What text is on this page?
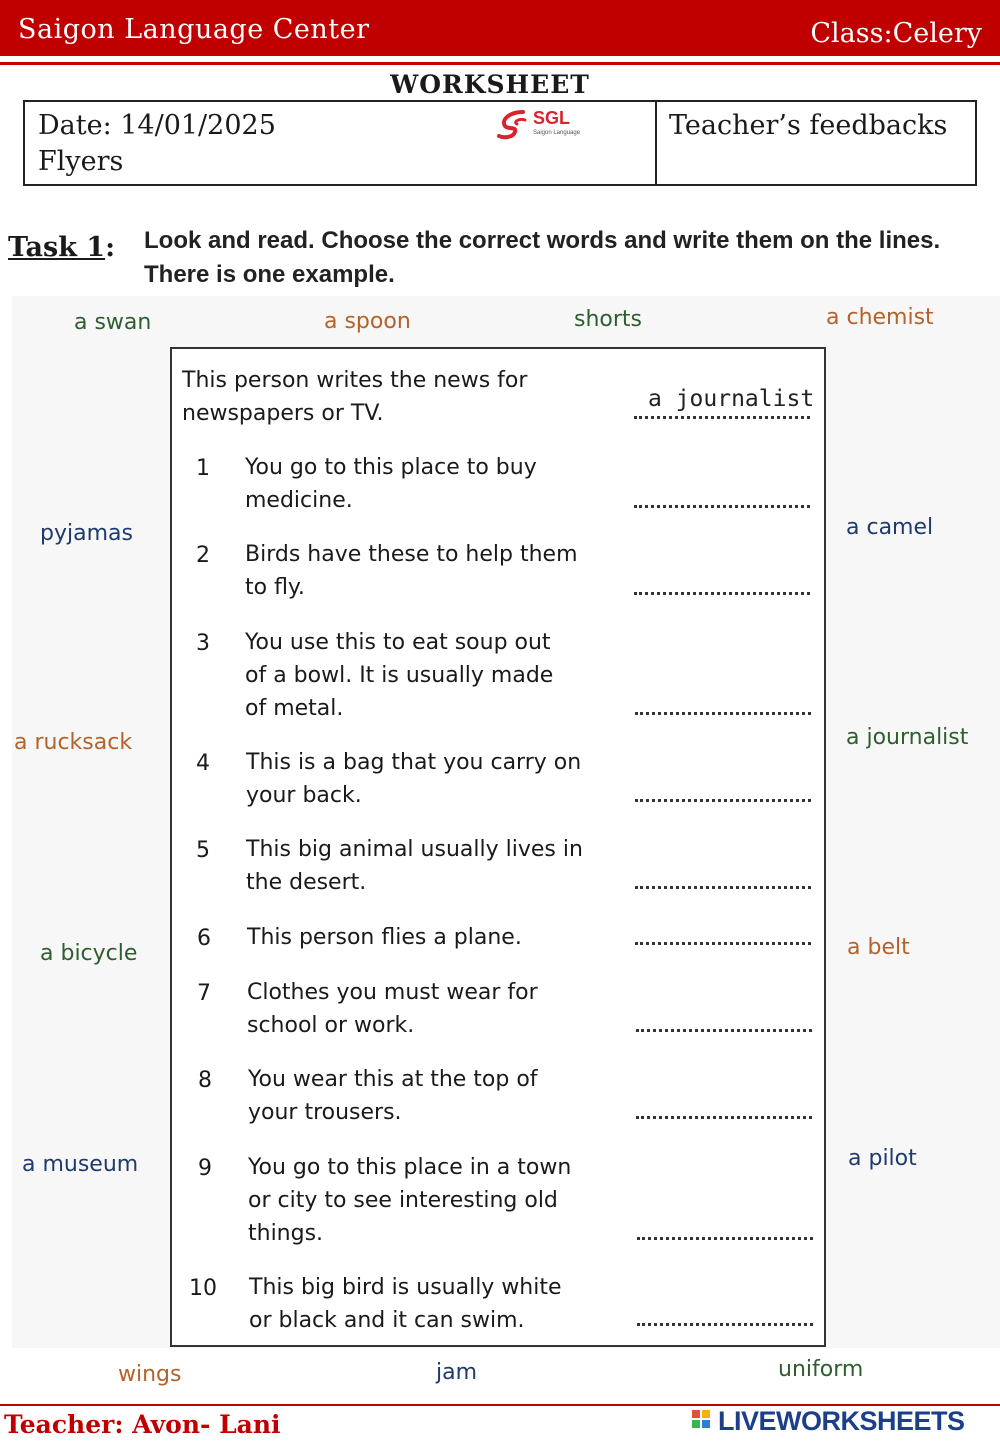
Saigon Language Center	Class:Celery
WORKSHEET
Date: 14/01/2025
Flyers
SGL
Saigon Language	Teacher’s feedbacks
Task 1: Look and read. Choose the correct words and write them on the lines. There is one example.
a swan	a spoon	shorts	a chemist
pyjamas	a camel
a rucksack	a journalist
a bicycle	a belt
a museum	a pilot
wings	jam	uniform
This person writes the news for
newspapers or TV.
a journalist
1 You go to this place to buy
medicine.
2 Birds have these to help them
to fly.
3 You use this to eat soup out
of a bowl. It is usually made
of metal.
4 This is a bag that you carry on
your back.
5 This big animal usually lives in
the desert.
6 This person flies a plane.
7 Clothes you must wear for
school or work.
8 You wear this at the top of
your trousers.
9 You go to this place in a town
or city to see interesting old
things.
10 This big bird is usually white
or black and it can swim.
Teacher: Avon- Lani	LIVEWORKSHEETS
